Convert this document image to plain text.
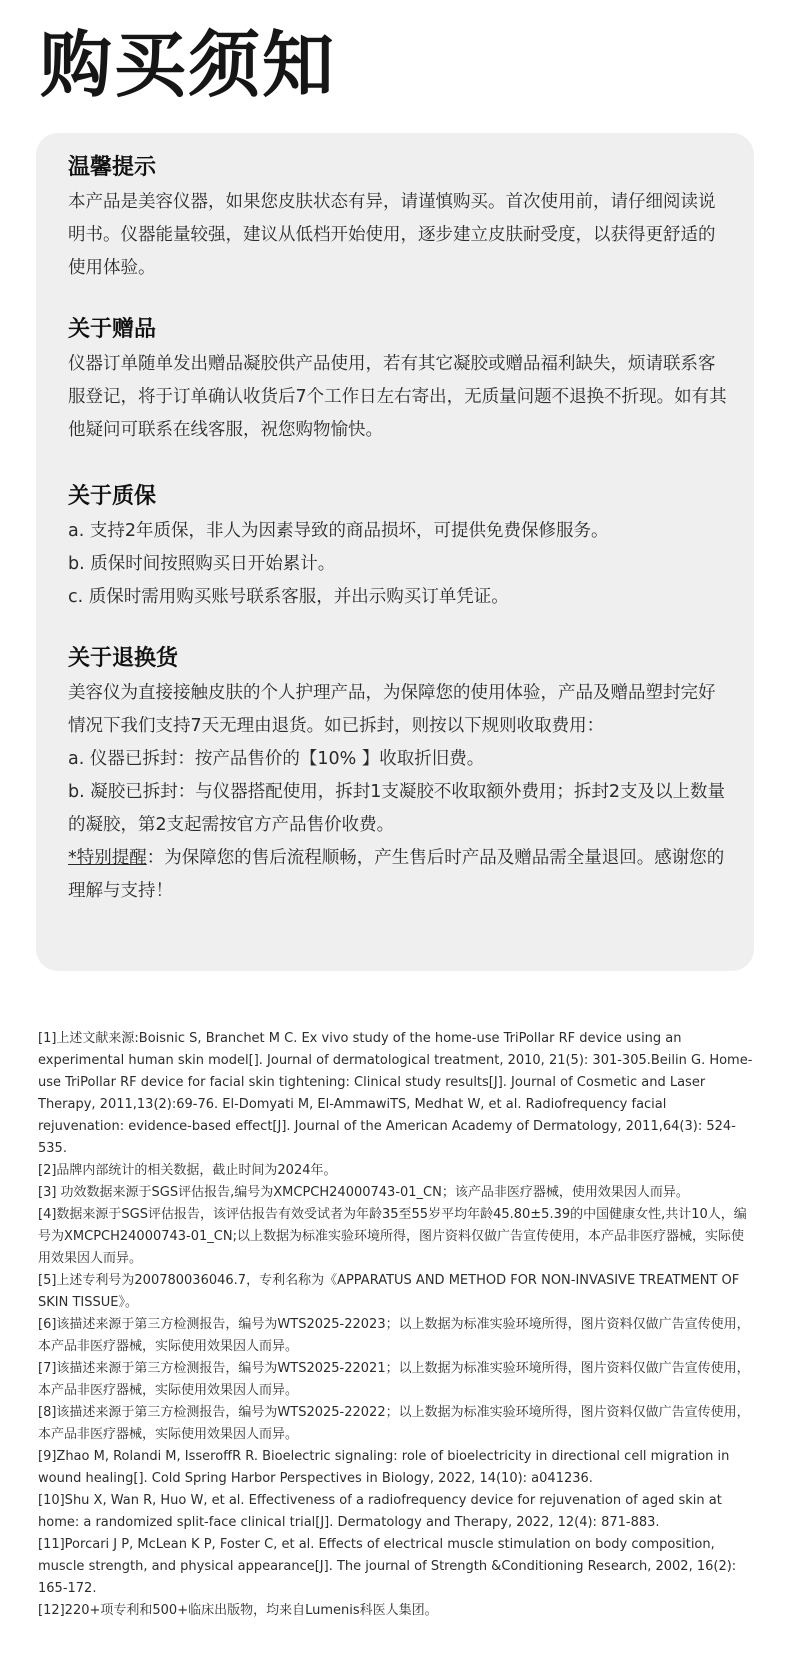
购买须知
温馨提示

本产品是美容仪器，如果您皮肤状态有异，请谨慎购买。首次使用前，请仔细阅读说明书。仪器能量较强，建议从低档开始使用，逐步建立皮肤耐受度，以获得更舒适的使用体验。

关于赠品

仪器订单随单发出赠品凝胶供产品使用，若有其它凝胶或赠品福利缺失，烦请联系客服登记，将于订单确认收货后7个工作日左右寄出，无质量问题不退换不折现。如有其他疑问可联系在线客服，祝您购物愉快。

关于质保

a. 支持2年质保，非人为因素导致的商品损坏，可提供免费保修服务。

b. 质保时间按照购买日开始累计。

c. 质保时需用购买账号联系客服，并出示购买订单凭证。

关于退换货

美容仪为直接接触皮肤的个人护理产品，为保障您的使用体验，产品及赠品塑封完好情况下我们支持7天无理由退货。如已拆封，则按以下规则收取费用：

a. 仪器已拆封：按产品售价的【10% 】收取折旧费。

b. 凝胶已拆封：与仪器搭配使用，拆封1支凝胶不收取额外费用；拆封2支及以上数量的凝胶，第2支起需按官方产品售价收费。

*特别提醒：为保障您的售后流程顺畅，产生售后时产品及赠品需全量退回。感谢您的理解与支持！

[1]上述文献来源:Boisnic S, Branchet M C. Ex vivo study of the home-use TriPollar RF device using an experimental human skin model[]. Journal of dermatological treatment, 2010, 21(5): 301-305.Beilin G. Home-use TriPollar RF device for facial skin tightening: Clinical study results[J]. Journal of Cosmetic and Laser Therapy, 2011,13(2):69-76. El-Domyati M, El-AmmawiTS, Medhat W, et al. Radiofrequency facial rejuvenation: evidence-based effect[J]. Journal of the American Academy of Dermatology, 2011,64(3): 524-535.

[2]品牌内部统计的相关数据，截止时间为2024年。

[3] 功效数据来源于SGS评估报告,编号为XMCPCH24000743-01_CN；该产品非医疗器械，使用效果因人而异。

[4]数据来源于SGS评估报告，该评估报告有效受试者为年龄35至55岁平均年龄45.80±5.39的中国健康女性,共计10人，编号为XMCPCH24000743-01_CN;以上数据为标准实验环境所得，图片资料仅做广告宣传使用，本产品非医疗器械，实际使用效果因人而异。

[5]上述专利号为200780036046.7，专利名称为《APPARATUS AND METHOD FOR NON-INVASIVE TREATMENT OF SKIN TISSUE》。

[6]该描述来源于第三方检测报告，编号为WTS2025-22023；以上数据为标准实验环境所得，图片资料仅做广告宣传使用，本产品非医疗器械，实际使用效果因人而异。

[7]该描述来源于第三方检测报告，编号为WTS2025-22021；以上数据为标准实验环境所得，图片资料仅做广告宣传使用，本产品非医疗器械，实际使用效果因人而异。

[8]该描述来源于第三方检测报告，编号为WTS2025-22022；以上数据为标准实验环境所得，图片资料仅做广告宣传使用，本产品非医疗器械，实际使用效果因人而异。

[9]Zhao M, Rolandi M, IsseroffR R. Bioelectric signaling: role of bioelectricity in directional cell migration in wound healing[]. Cold Spring Harbor Perspectives in Biology, 2022, 14(10): a041236.

[10]Shu X, Wan R, Huo W, et al. Effectiveness of a radiofrequency device for rejuvenation of aged skin at home: a randomized split-face clinical trial[J]. Dermatology and Therapy, 2022, 12(4): 871-883.

[11]Porcari J P, McLean K P, Foster C, et al. Effects of electrical muscle stimulation on body composition, muscle strength, and physical appearance[J]. The journal of Strength &Conditioning Research, 2002, 16(2): 165-172.

[12]220+项专利和500+临床出版物，均来自Lumenis科医人集团。
